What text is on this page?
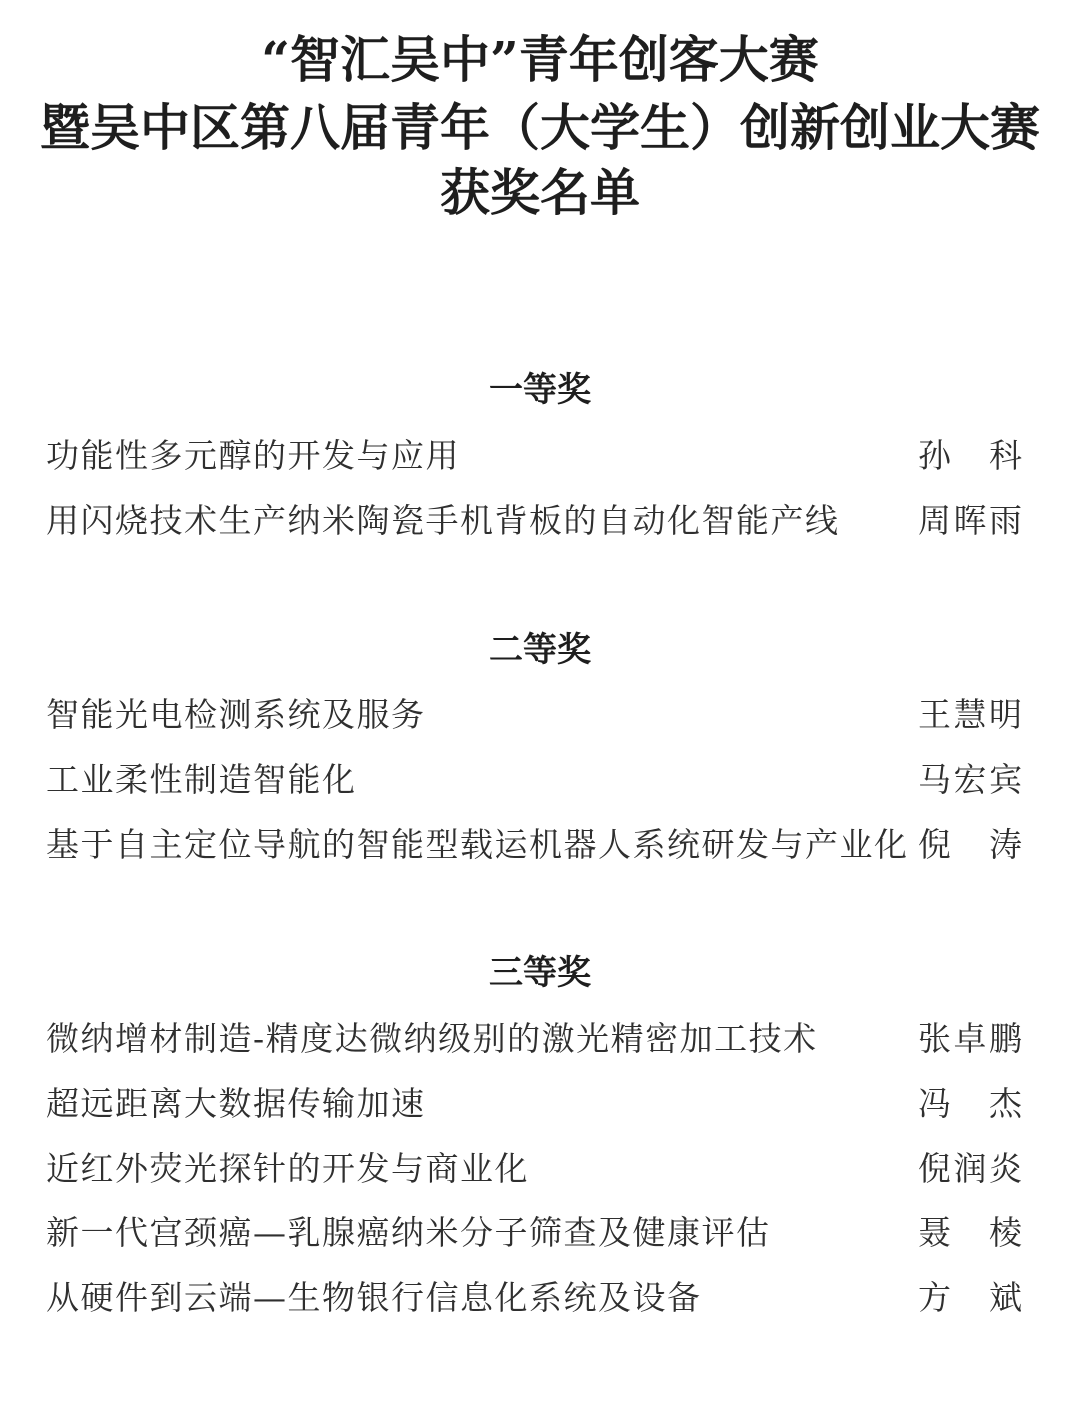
“智汇吴中”青年创客大赛
暨吴中区第八届青年（大学生）创新创业大赛
获奖名单
一等奖
功能性多元醇的开发与应用	孙 科
用闪烧技术生产纳米陶瓷手机背板的自动化智能产线 周晖雨
二等奖
智能光电检测系统及服务	王慧明
工业柔性制造智能化	马宏宾
基于自主定位导航的智能型载运机器人系统研发与产业化 倪 涛
三等奖
微纳增材制造-精度达微纳级别的激光精密加工技术	张卓鹏
超远距离大数据传输加速	冯 杰
近红外荧光探针的开发与商业化	倪润炎
新一代宫颈癌—乳腺癌纳米分子筛查及健康评估	聂 棱
从硬件到云端—生物银行信息化系统及设备	方 斌
